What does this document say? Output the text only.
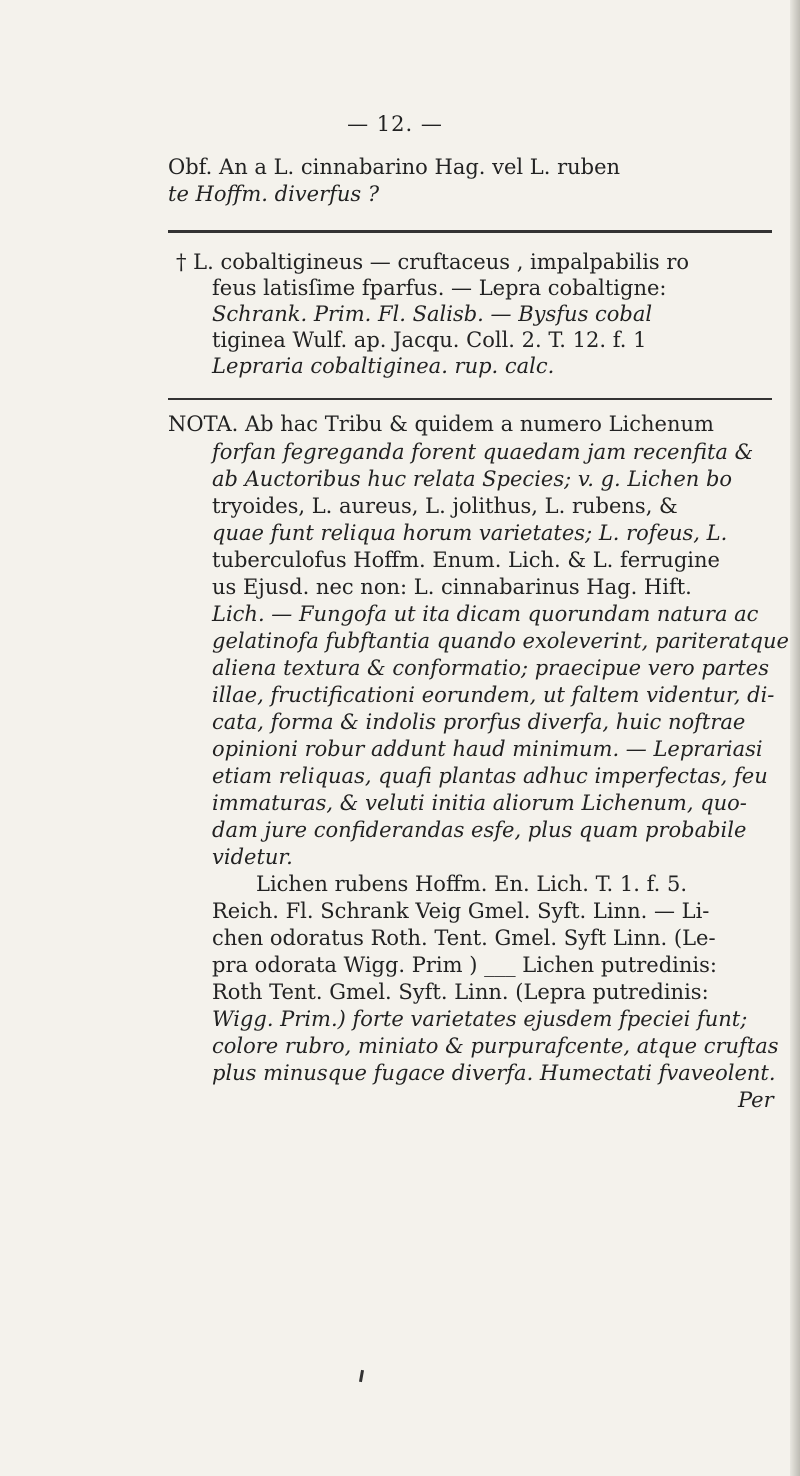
— 12. —
Obf. An a L. cinnabarino Hag. vel L. ruben
te Hoffm. diverfus ?
† L. cobaltigineus — cruftaceus , impalpabilis ro
feus latisſime fparfus. — Lepra cobaltigne:
Schrank. Prim. Fl. Salisb. — Bysfus cobal
tiginea Wulf. ap. Jacqu. Coll. 2. T. 12. f. 1
Lepraria cobaltiginea. rup. calc.
NOTA. Ab hac Tribu & quidem a numero Lichenum
forfan fegreganda forent quaedam jam recenfita &
ab Auctoribus huc relata Species; v. g. Lichen bo
tryoides, L. aureus, L. jolithus, L. rubens, &
quae funt reliqua horum varietates; L. rofeus, L.
tuberculofus Hoffm. Enum. Lich. & L. ferrugine
us Ejusd. nec non: L. cinnabarinus Hag. Hift.
Lich. — Fungofa ut ita dicam quorundam natura ac
gelatinofa fubftantia quando exoleverint, pariteratque
aliena textura & conformatio; praecipue vero partes
illae, fructificationi eorundem, ut faltem videntur, di-
cata, forma & indolis prorfus diverfa, huic noftrae
opinioni robur addunt haud minimum. — Leprariasi
etiam reliquas, quafi plantas adhuc imperfectas, feu
immaturas, & veluti initia aliorum Lichenum, quo-
dam jure confiderandas esfe, plus quam probabile
videtur.
Lichen rubens Hoffm. En. Lich. T. 1. f. 5.
Reich. Fl. Schrank Veig Gmel. Syft. Linn. — Li-
chen odoratus Roth. Tent. Gmel. Syft Linn. (Le-
pra odorata Wigg. Prim ) ___ Lichen putredinis:
Roth Tent. Gmel. Syft. Linn. (Lepra putredinis:
Wigg. Prim.) forte varietates ejusdem fpeciei funt;
colore rubro, miniato & purpurafcente, atque cruftas
plus minusque fugace diverfa. Humectati fvaveolent.
Per
